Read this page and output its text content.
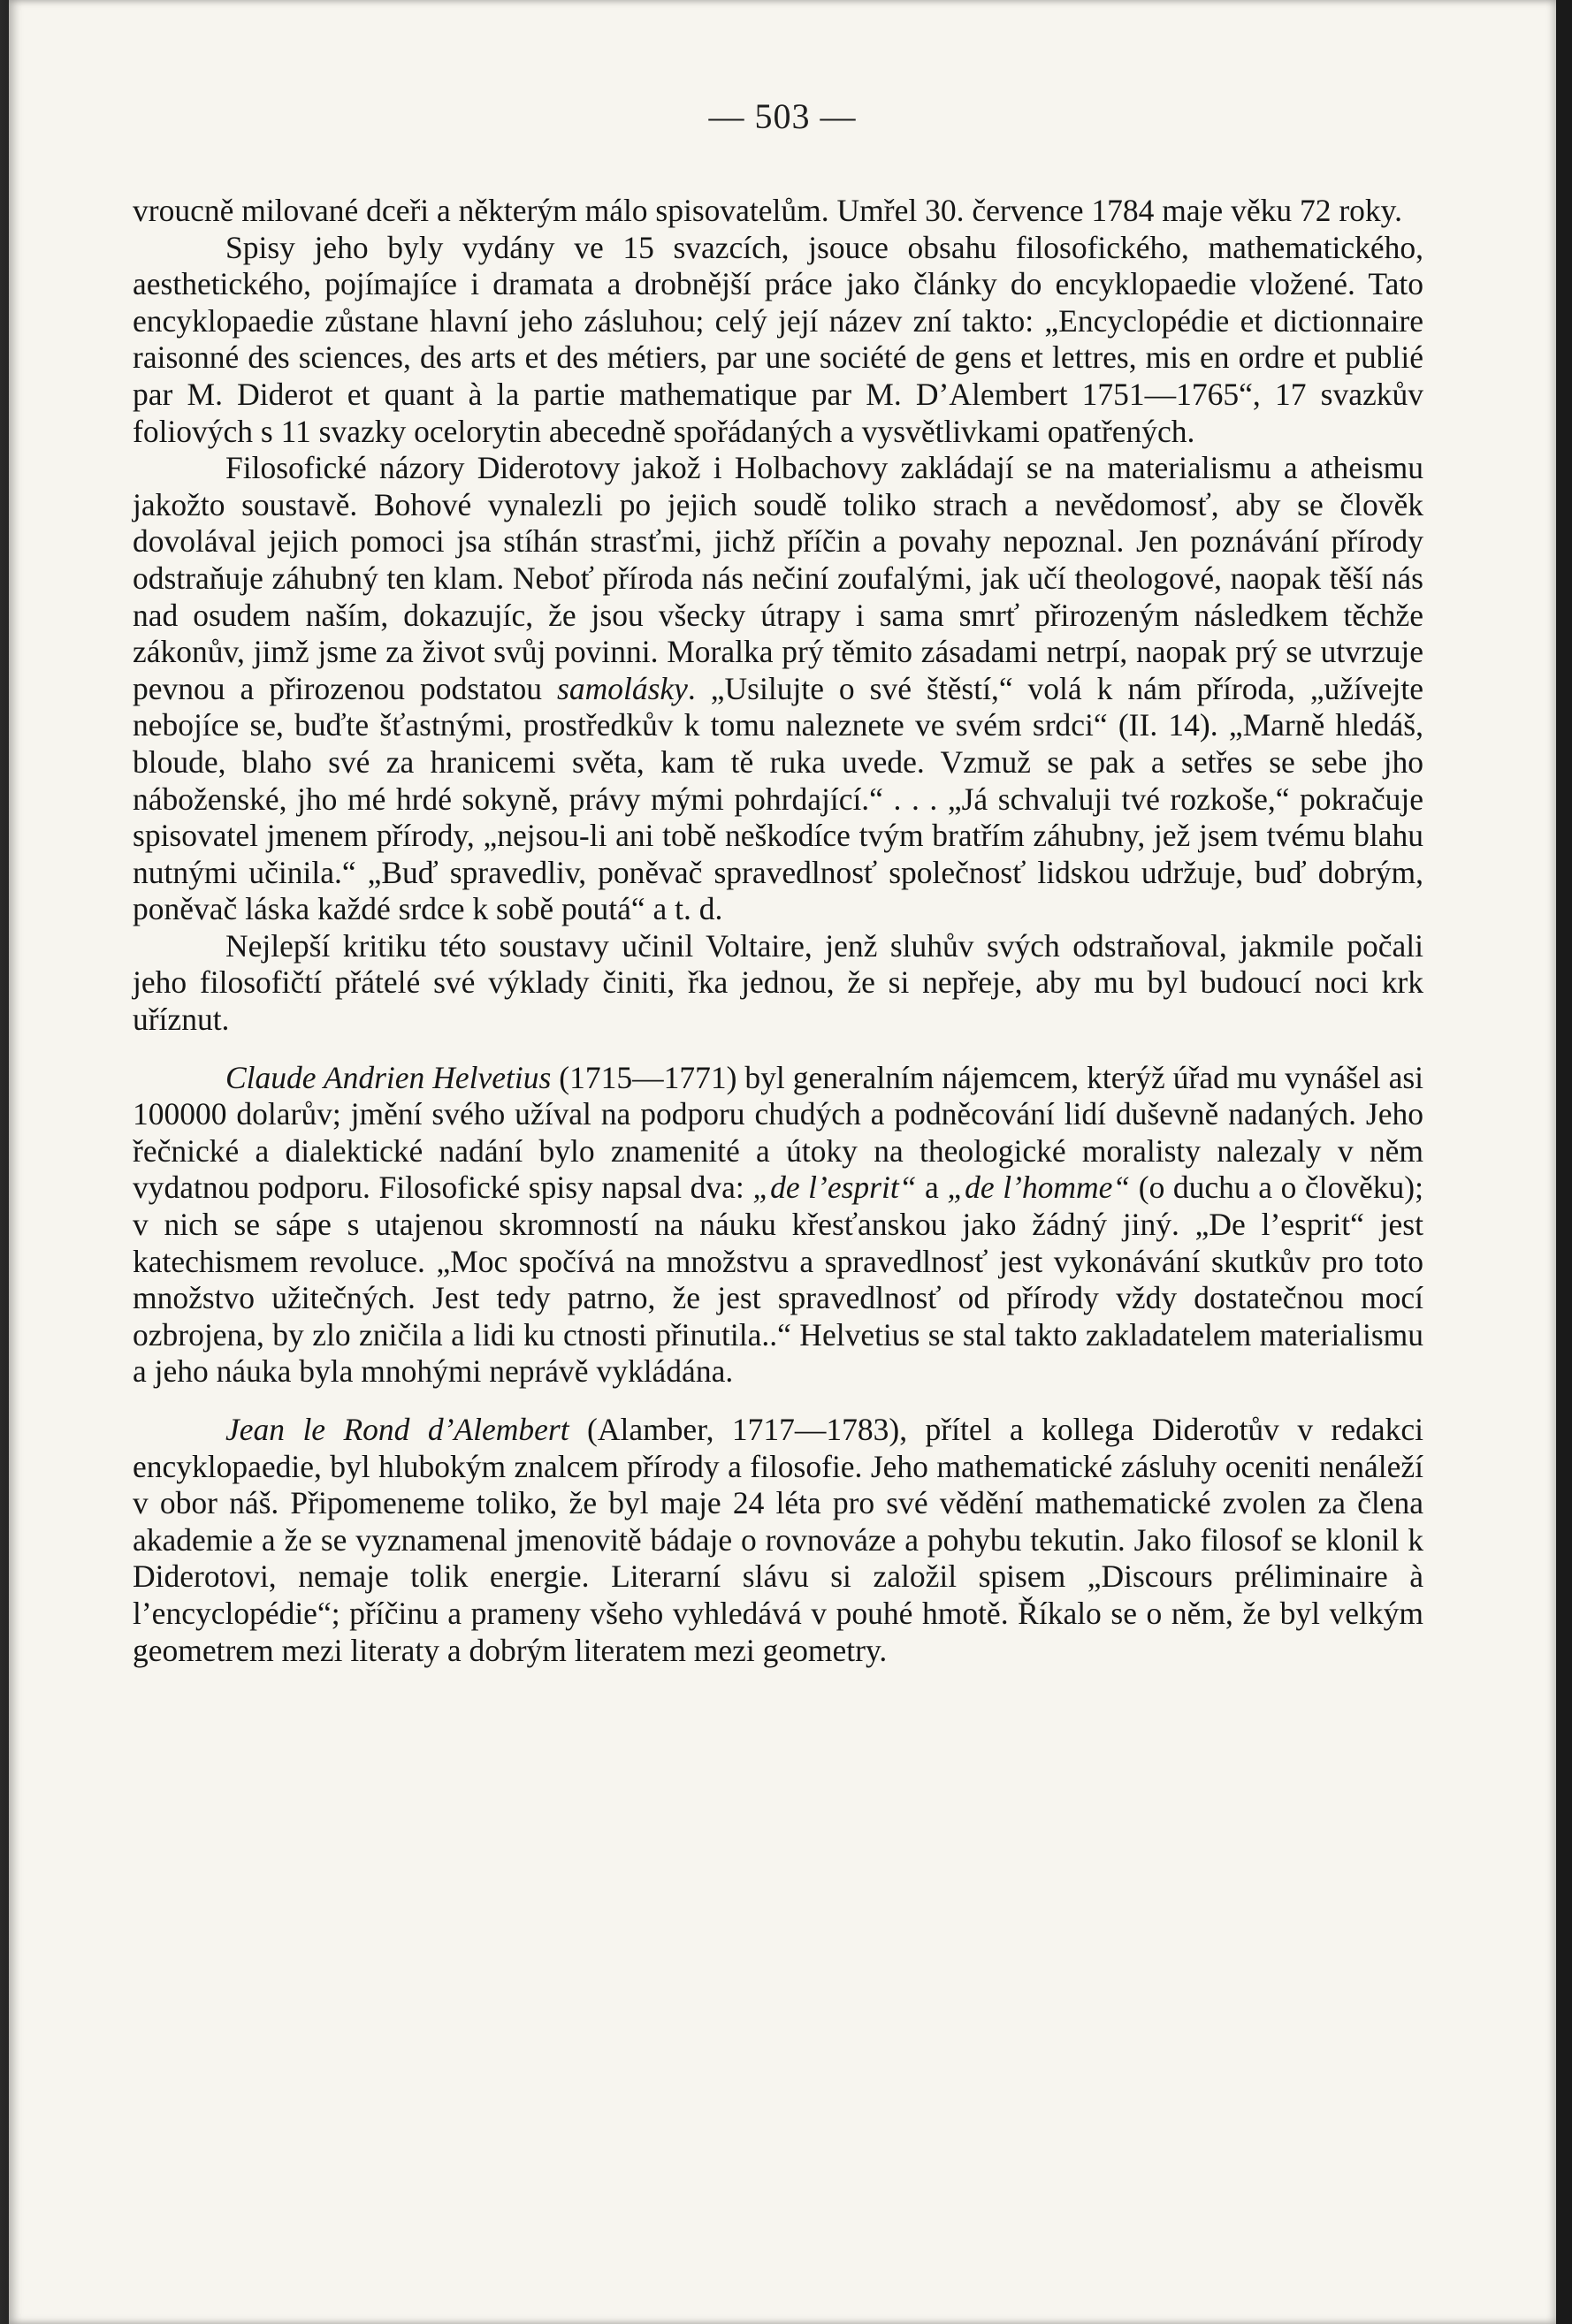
— 503 —

vroucně milované dceři a některým málo spisovatelům. Umřel 30. července 1784 maje věku 72 roky.

Spisy jeho byly vydány ve 15 svazcích, jsouce obsahu filosofického, mathematického, aesthetického, pojímajíce i dramata a drobnější práce jako články do encyklopaedie vložené. Tato encyklopaedie zůstane hlavní jeho zásluhou; celý její název zní takto: „Encyclopédie et dictionnaire raisonné des sciences, des arts et des métiers, par une société de gens et lettres, mis en ordre et publié par M. Diderot et quant à la partie mathematique par M. D’Alembert 1751—1765“, 17 svazkův foliových s 11 svazky ocelorytin abecedně spořádaných a vysvětlivkami opatřených.

Filosofické názory Diderotovy jakož i Holbachovy zakládají se na materialismu a atheismu jakožto soustavě. Bohové vynalezli po jejich soudě toliko strach a nevědomosť, aby se člověk dovolával jejich pomoci jsa stíhán strasťmi, jichž příčin a povahy nepoznal. Jen poznávání přírody odstraňuje záhubný ten klam. Neboť příroda nás nečiní zoufalými, jak učí theologové, naopak těší nás nad osudem naším, dokazujíc, že jsou všecky útrapy i sama smrť přirozeným následkem těchže zákonův, jimž jsme za život svůj povinni. Moralka prý těmito zásadami netrpí, naopak prý se utvrzuje pevnou a přirozenou podstatou samolásky. „Usilujte o své štěstí,“ volá k nám příroda, „užívejte nebojíce se, buďte šťastnými, prostředkův k tomu naleznete ve svém srdci“ (II. 14). „Marně hledáš, bloude, blaho své za hranicemi světa, kam tě ruka uvede. Vzmuž se pak a setřes se sebe jho náboženské, jho mé hrdé sokyně, právy mými pohrdající.“ . . . „Já schvaluji tvé rozkoše,“ pokračuje spisovatel jmenem přírody, „nejsou-li ani tobě neškodíce tvým bratřím záhubny, jež jsem tvému blahu nutnými učinila.“ „Buď spravedliv, poněvač spravedlnosť společnosť lidskou udržuje, buď dobrým, poněvač láska každé srdce k sobě poutá“ a t. d.

Nejlepší kritiku této soustavy učinil Voltaire, jenž sluhův svých odstraňoval, jakmile počali jeho filosofičtí přátelé své výklady činiti, řka jednou, že si nepřeje, aby mu byl budoucí noci krk uříznut.

Claude Andrien Helvetius (1715—1771) byl generalním nájemcem, kterýž úřad mu vynášel asi 100000 dolarův; jmění svého užíval na podporu chudých a podněcování lidí duševně nadaných. Jeho řečnické a dialektické nadání bylo znamenité a útoky na theologické moralisty nalezaly v něm vydatnou podporu. Filosofické spisy napsal dva: „de l’esprit“ a „de l’homme“ (o duchu a o člověku); v nich se sápe s utajenou skromností na náuku křesťanskou jako žádný jiný. „De l’esprit“ jest katechismem revoluce. „Moc spočívá na množstvu a spravedlnosť jest vykonávání skutkův pro toto množstvo užitečných. Jest tedy patrno, že jest spravedlnosť od přírody vždy dostatečnou mocí ozbrojena, by zlo zničila a lidi ku ctnosti přinutila..“ Helvetius se stal takto zakladatelem materialismu a jeho náuka byla mnohými neprávě vykládána.

Jean le Rond d’Alembert (Alamber, 1717—1783), přítel a kollega Diderotův v redakci encyklopaedie, byl hlubokým znalcem přírody a filosofie. Jeho mathematické zásluhy oceniti nenáleží v obor náš. Připomeneme toliko, že byl maje 24 léta pro své vědění mathematické zvolen za člena akademie a že se vyznamenal jmenovitě bádaje o rovnováze a pohybu tekutin. Jako filosof se klonil k Diderotovi, nemaje tolik energie. Literarní slávu si založil spisem „Discours préliminaire à l’encyclopédie“; příčinu a prameny všeho vyhledává v pouhé hmotě. Říkalo se o něm, že byl velkým geometrem mezi literaty a dobrým literatem mezi geometry.
